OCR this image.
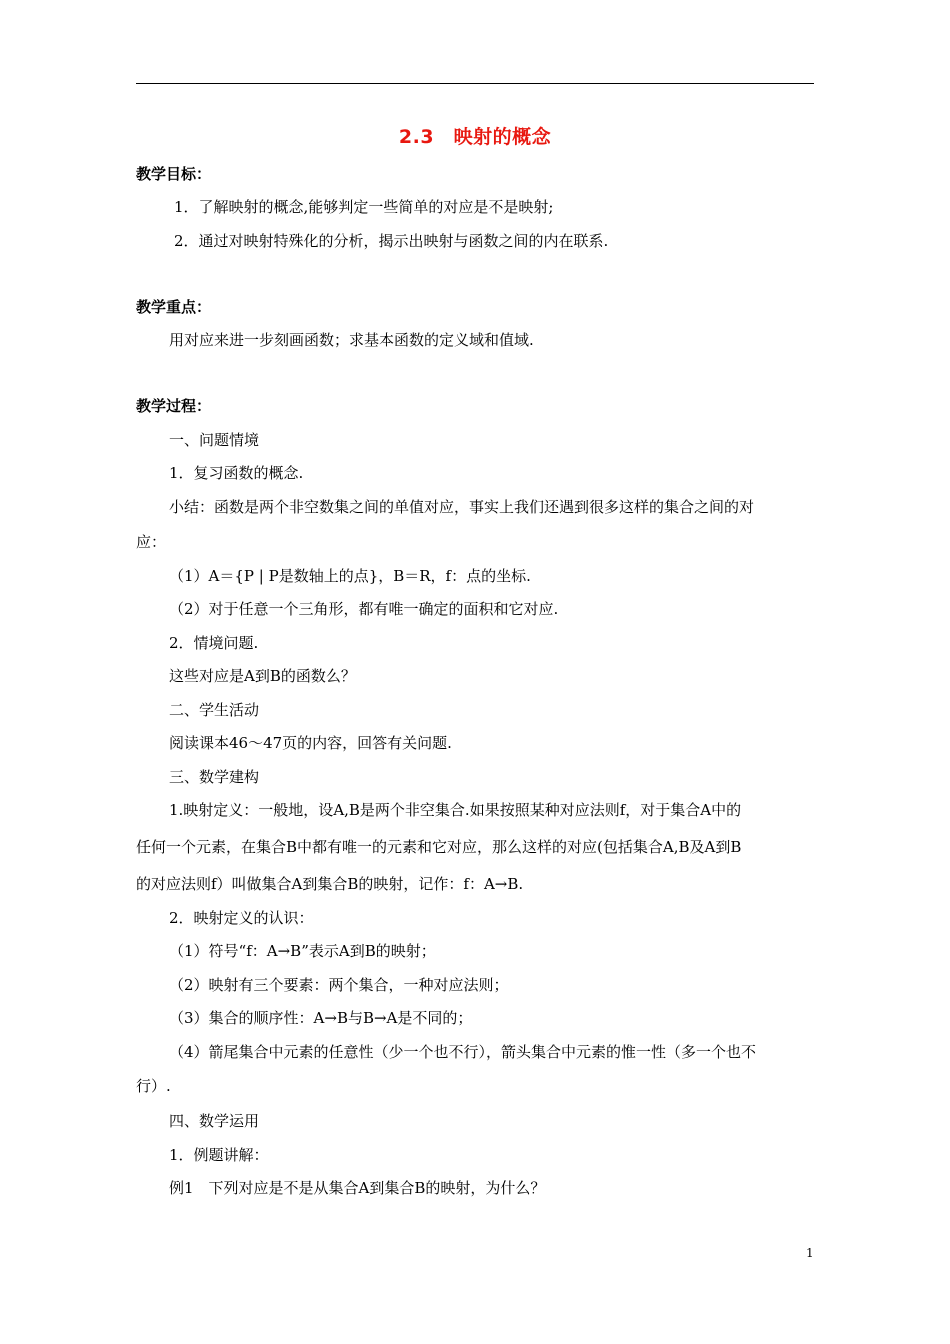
2.3　映射的概念
教学目标：
1．了解映射的概念,能够判定一些简单的对应是不是映射;
2．通过对映射特殊化的分析，揭示出映射与函数之间的内在联系.
教学重点：
用对应来进一步刻画函数；求基本函数的定义域和值域.
教学过程：
一、问题情境
1．复习函数的概念.
小结：函数是两个非空数集之间的单值对应，事实上我们还遇到很多这样的集合之间的对
应：
（1）A＝{P | P是数轴上的点}，B＝R，f：点的坐标.
（2）对于任意一个三角形，都有唯一确定的面积和它对应.
2．情境问题.
这些对应是A到B的函数么？
二、学生活动
阅读课本46～47页的内容，回答有关问题.
三、数学建构
1.映射定义：一般地，设A,B是两个非空集合.如果按照某种对应法则f，对于集合A中的
任何一个元素，在集合B中都有唯一的元素和它对应，那么这样的对应(包括集合A,B及A到B
的对应法则f）叫做集合A到集合B的映射，记作：f：A→B.
2．映射定义的认识：
（1）符号“f：A→B”表示A到B的映射；
（2）映射有三个要素：两个集合，一种对应法则；
（3）集合的顺序性：A→B与B→A是不同的；
（4）箭尾集合中元素的任意性（少一个也不行），箭头集合中元素的惟一性（多一个也不
行）.
四、数学运用
1．例题讲解：
例1　下列对应是不是从集合A到集合B的映射，为什么？
1
